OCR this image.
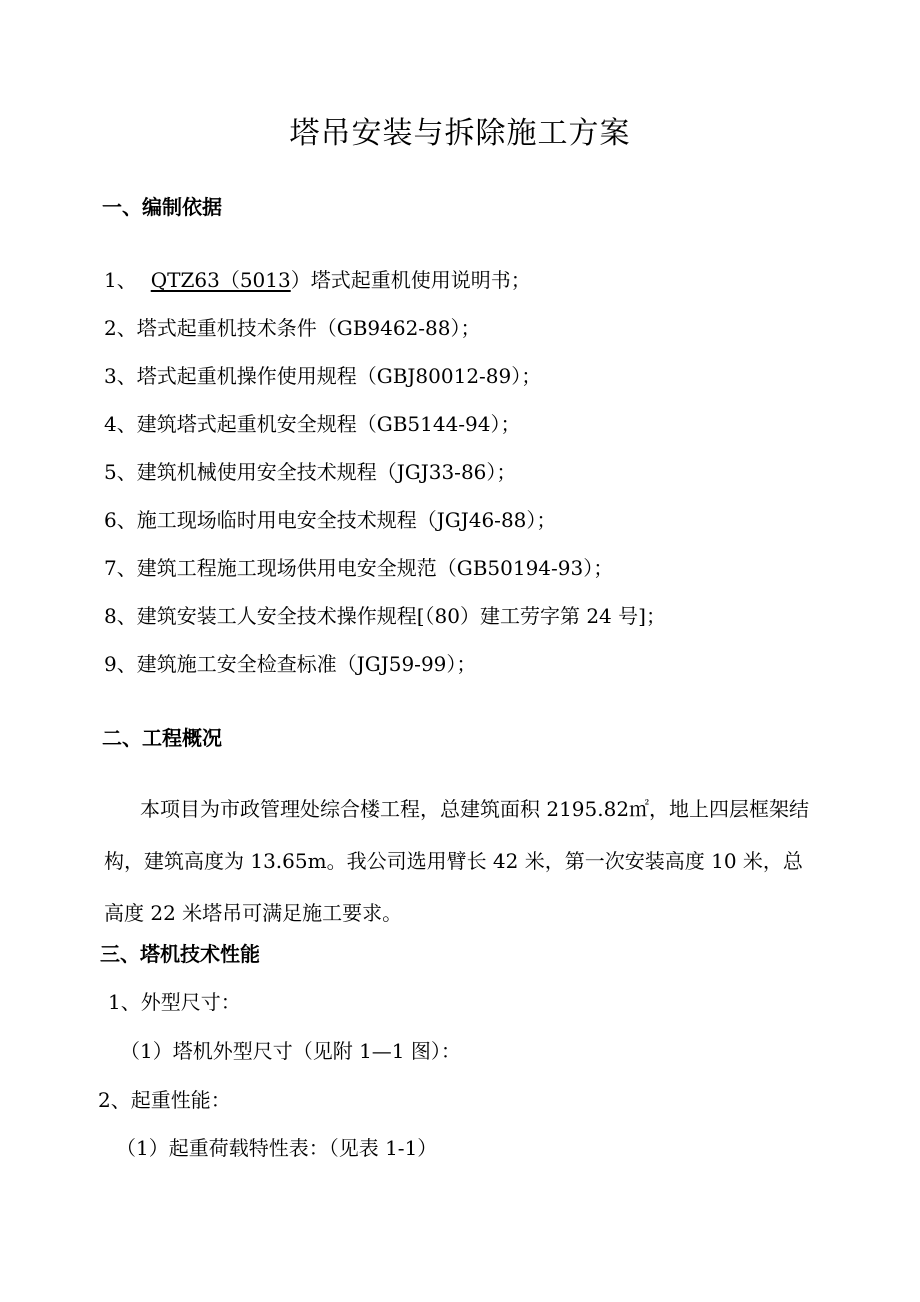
塔吊安装与拆除施工方案
一、编制依据
1、 QTZ63（5013）塔式起重机使用说明书；
2、塔式起重机技术条件（GB9462-88）；
3、塔式起重机操作使用规程（GBJ80012-89）；
4、建筑塔式起重机安全规程（GB5144-94）；
5、建筑机械使用安全技术规程（JGJ33-86）；
6、施工现场临时用电安全技术规程（JGJ46-88）；
7、建筑工程施工现场供用电安全规范（GB50194-93）；
8、建筑安装工人安全技术操作规程[（80）建工劳字第 24 号]；
9、建筑施工安全检查标准（JGJ59-99）；
二、工程概况
本项目为市政管理处综合楼工程，总建筑面积 2195.82㎡，地上四层框架结构，建筑高度为 13.65m。我公司选用臂长 42 米，第一次安装高度 10 米，总高度 22 米塔吊可满足施工要求。
三、塔机技术性能
1、外型尺寸：
（1）塔机外型尺寸（见附 1—1 图）：
2、起重性能：
（1）起重荷载特性表：（见表 1-1）
